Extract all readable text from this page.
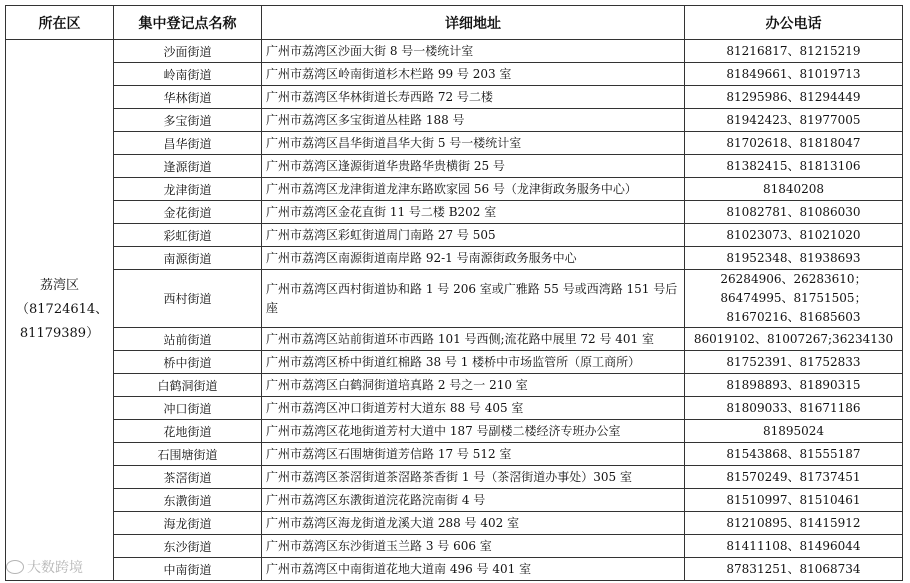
所在区	集中登记点名称	详细地址	办公电话

荔湾区
（81724614、81179389）	沙面街道	广州市荔湾区沙面大街 8 号一楼统计室	81216817、81215219
	岭南街道	广州市荔湾区岭南街道杉木栏路 99 号 203 室	81849661、81019713
	华林街道	广州市荔湾区华林街道长寿西路 72 号二楼	81295986、81294449
	多宝街道	广州市荔湾区多宝街道丛桂路 188 号	81942423、81977005
	昌华街道	广州市荔湾区昌华街道昌华大街 5 号一楼统计室	81702618、81818047
	逢源街道	广州市荔湾区逢源街道华贵路华贵横街 25 号	81382415、81813106
	龙津街道	广州市荔湾区龙津街道龙津东路欧家园 56 号（龙津街政务服务中心）	81840208
	金花街道	广州市荔湾区金花直街 11 号二楼 B202 室	81082781、81086030
	彩虹街道	广州市荔湾区彩虹街道周门南路 27 号 505	81023073、81021020
	南源街道	广州市荔湾区南源街道南岸路 92-1 号南源街政务服务中心	81952348、81938693
	西村街道	广州市荔湾区西村街道协和路 1 号 206 室或广雅路 55 号或西湾路 151 号后座	26284906、26283610；86474995、81751505；81670216、81685603
	站前街道	广州市荔湾区站前街道环市西路 101 号西侧;流花路中展里 72 号 401 室	86019102、81007267;36234130
	桥中街道	广州市荔湾区桥中街道红棉路 38 号 1 楼桥中市场监管所（原工商所）	81752391、81752833
	白鹤洞街道	广州市荔湾区白鹤洞街道培真路 2 号之一 210 室	81898893、81890315
	冲口街道	广州市荔湾区冲口街道芳村大道东 88 号 405 室	81809033、81671186
	花地街道	广州市荔湾区花地街道芳村大道中 187 号副楼二楼经济专班办公室	81895024
	石围塘街道	广州市荔湾区石围塘街道芳信路 17 号 512 室	81543868、81555187
	茶滘街道	广州市荔湾区茶滘街道茶滘路茶香街 1 号（茶滘街道办事处）305 室	81570249、81737451
	东漖街道	广州市荔湾区东漖街道浣花路浣南街 4 号	81510997、81510461
	海龙街道	广州市荔湾区海龙街道龙溪大道 288 号 402 室	81210895、81415912
	东沙街道	广州市荔湾区东沙街道玉兰路 3 号 606 室	81411108、81496044
	中南街道	广州市荔湾区中南街道花地大道南 496 号 401 室	87831251、81068734
大数跨境
